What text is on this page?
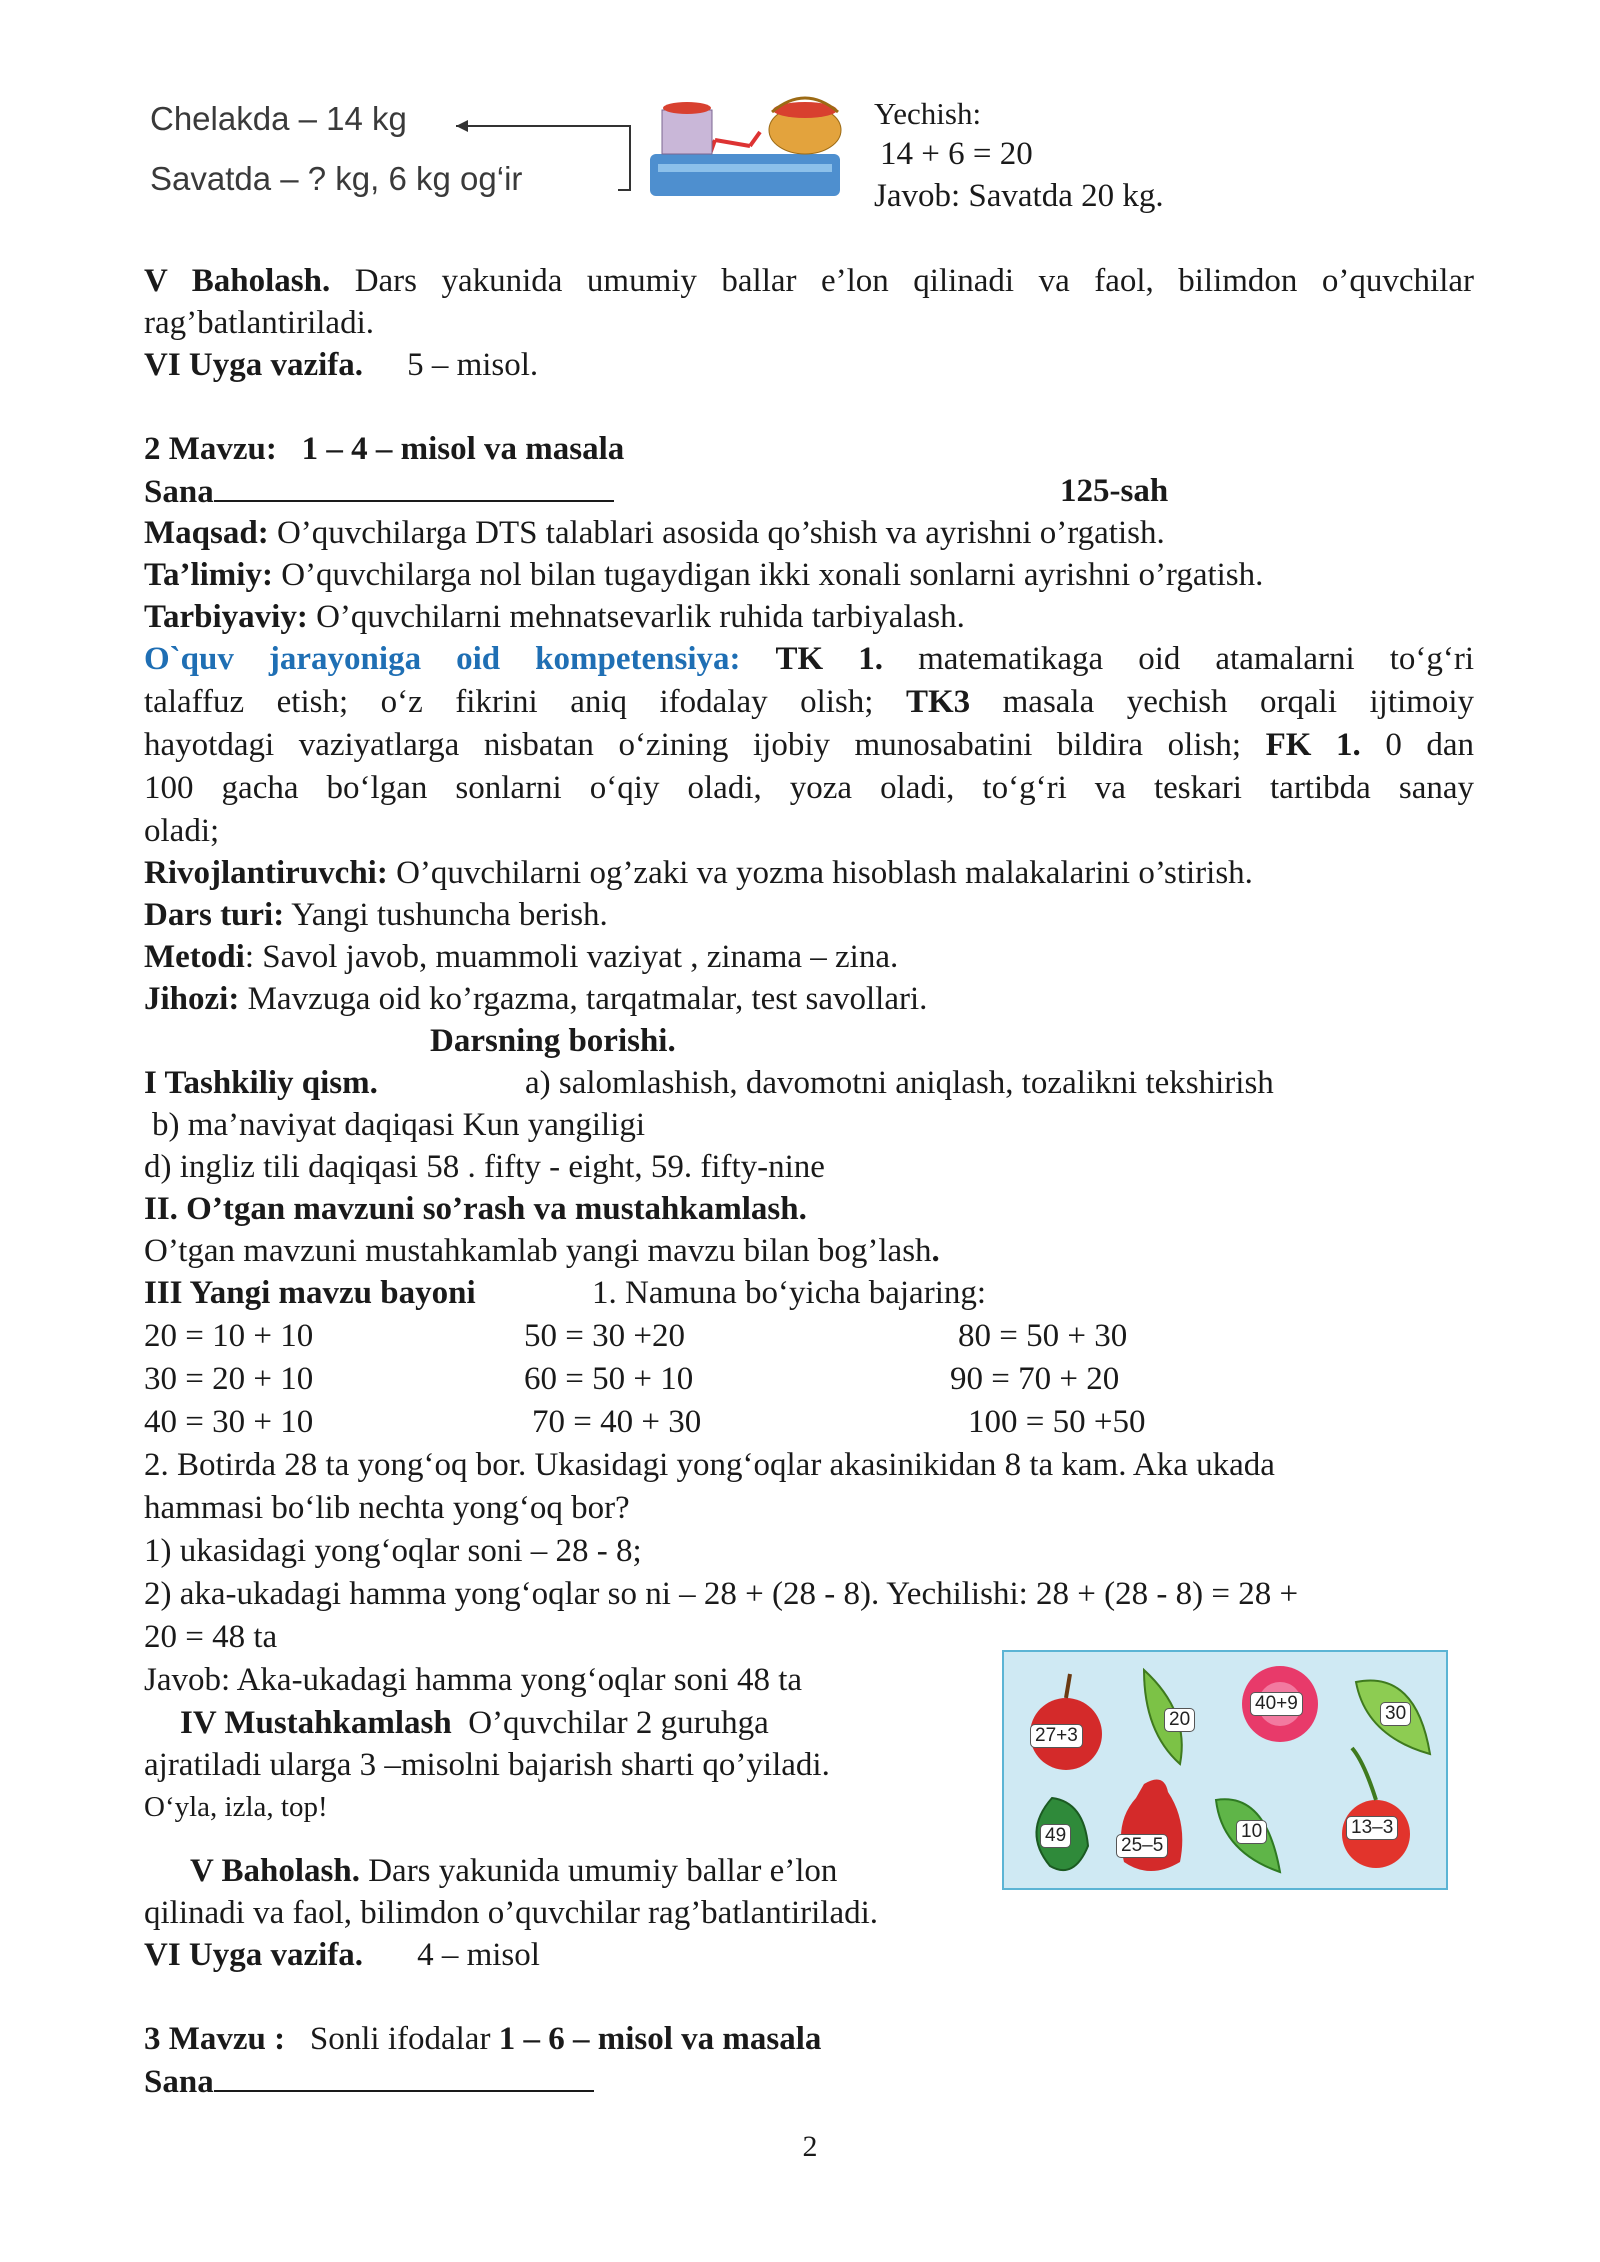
Chelakda – 14 kg
Savatda – ? kg, 6 kg og‘ir
Yechish:
14 + 6 = 20
Javob: Savatda 20 kg.
V Baholash. Dars yakunida umumiy ballar e’lon qilinadi va faol, bilimdon o’quvchilar
rag’batlantiriladi.
VI Uyga vazifa. 5 – misol.
2 Mavzu: 1 – 4 – misol va masala
Sana	125-sah
Maqsad: O’quvchilarga DTS talablari asosida qo’shish va ayrishni o’rgatish.
Ta’limiy: O’quvchilarga nol bilan tugaydigan ikki xonali sonlarni ayrishni o’rgatish.
Tarbiyaviy: O’quvchilarni mehnatsevarlik ruhida tarbiyalash.
O`quv jarayoniga oid kompetensiya: TK 1. matematikaga oid atamalarni to‘g‘ri
talaffuz etish; o‘z fikrini aniq ifodalay olish; TK3 masala yechish orqali ijtimoiy
hayotdagi vaziyatlarga nisbatan o‘zining ijobiy munosabatini bildira olish; FK 1. 0 dan
100 gacha bo‘lgan sonlarni o‘qiy oladi, yoza oladi, to‘g‘ri va teskari tartibda sanay
oladi;
Rivojlantiruvchi: O’quvchilarni og’zaki va yozma hisoblash malakalarini o’stirish.
Dars turi: Yangi tushuncha berish.
Metodi: Savol javob, muammoli vaziyat , zinama – zina.
Jihozi: Mavzuga oid ko’rgazma, tarqatmalar, test savollari.
Darsning borishi.
I Tashkiliy qism.	a) salomlashish, davomotni aniqlash, tozalikni tekshirish
b) ma’naviyat daqiqasi Kun yangiligi
d) ingliz tili daqiqasi 58 . fifty - eight, 59. fifty-nine
II. O’tgan mavzuni so’rash va mustahkamlash.
O’tgan mavzuni mustahkamlab yangi mavzu bilan bog’lash.
III Yangi mavzu bayoni	1. Namuna bo‘yicha bajaring:
20 = 10 + 10	50 = 30 +20	80 = 50 + 30
30 = 20 + 10	60 = 50 + 10	90 = 70 + 20
40 = 30 + 10	70 = 40 + 30	100 = 50 +50
2. Botirda 28 ta yong‘oq bor. Ukasidagi yong‘oqlar akasinikidan 8 ta kam. Aka ukada
hammasi bo‘lib nechta yong‘oq bor?
1) ukasidagi yong‘oqlar soni – 28 - 8;
2) aka-ukadagi hamma yong‘oqlar so ni – 28 + (28 - 8). Yechilishi: 28 + (28 - 8) = 28 +
20 = 48 ta
Javob: Aka-ukadagi hamma yong‘oqlar soni 48 ta
IV Mustahkamlash O’quvchilar 2 guruhga
ajratiladi ularga 3 –misolni bajarish sharti qo’yiladi.
O‘yla, izla, top!
V Baholash. Dars yakunida umumiy ballar e’lon
qilinadi va faol, bilimdon o’quvchilar rag’batlantiriladi.
VI Uyga vazifa. 4 – misol
27+3
20
40+9	30
49	25–5
10	13–3
3 Mavzu : Sonli ifodalar 1 – 6 – misol va masala
Sana
2
